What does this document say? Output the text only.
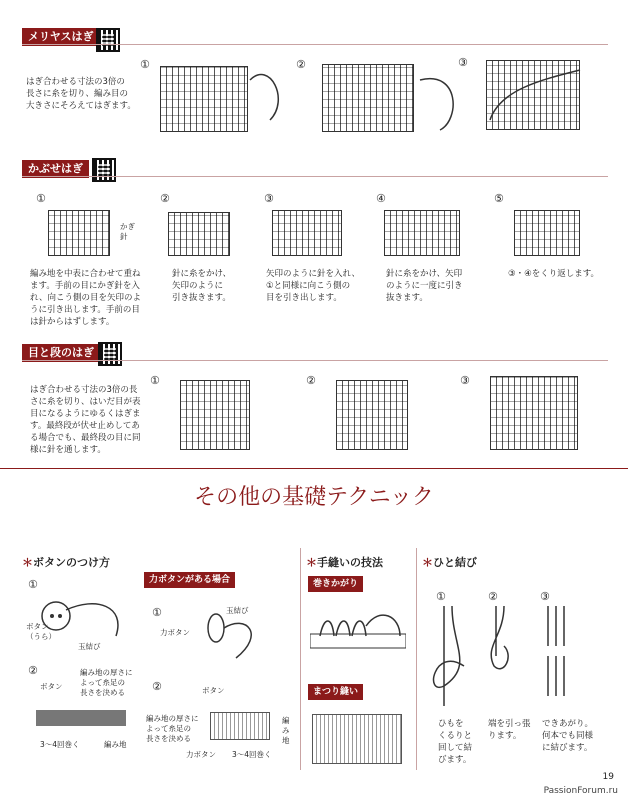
メリヤスはぎ
はぎ合わせる寸法の3倍の
長さに糸を切り、編み目の
大きさにそろえてはぎます。
①	②	③
かぶせはぎ
①
かぎ針
②	③	④	⑤
編み地を中表に合わせて重ね
ます。手前の目にかぎ針を入
れ、向こう側の目を矢印のよ
うに引き出します。手前の目
は針からはずします。
針に糸をかけ、
矢印のように
引き抜きます。
矢印のように針を入れ、
①と同様に向こう側の
目を引き出します。
針に糸をかけ、矢印
のように一度に引き
抜きます。
③・④をくり返します。
目と段のはぎ
はぎ合わせる寸法の3倍の長
さに糸を切り、はいだ目が表
目になるようにゆるくはぎま
す。最終段が伏せ止めしてあ
る場合でも、最終段の目に同
様に針を通します。
①	②	③
その他の基礎テクニック
＊ボタンのつけ方
①
ボタン
（うら）
玉結び
②
ボタン
編み地の厚さに
よって糸足の
長さを決める
3〜4回巻く	編み地
力ボタンがある場合
①
力ボタン
玉結び
②	ボタン
編み地の厚さに
よって糸足の
長さを決める
編み地
力ボタン 3〜4回巻く
＊手縫いの技法
巻きかがり
まつり縫い
＊ひと結び
①	②	③
ひもを
くるりと
回して結
びます。
端を引っ張
ります。
できあがり。
何本でも同様
に結びます。
19
PassionForum.ru
